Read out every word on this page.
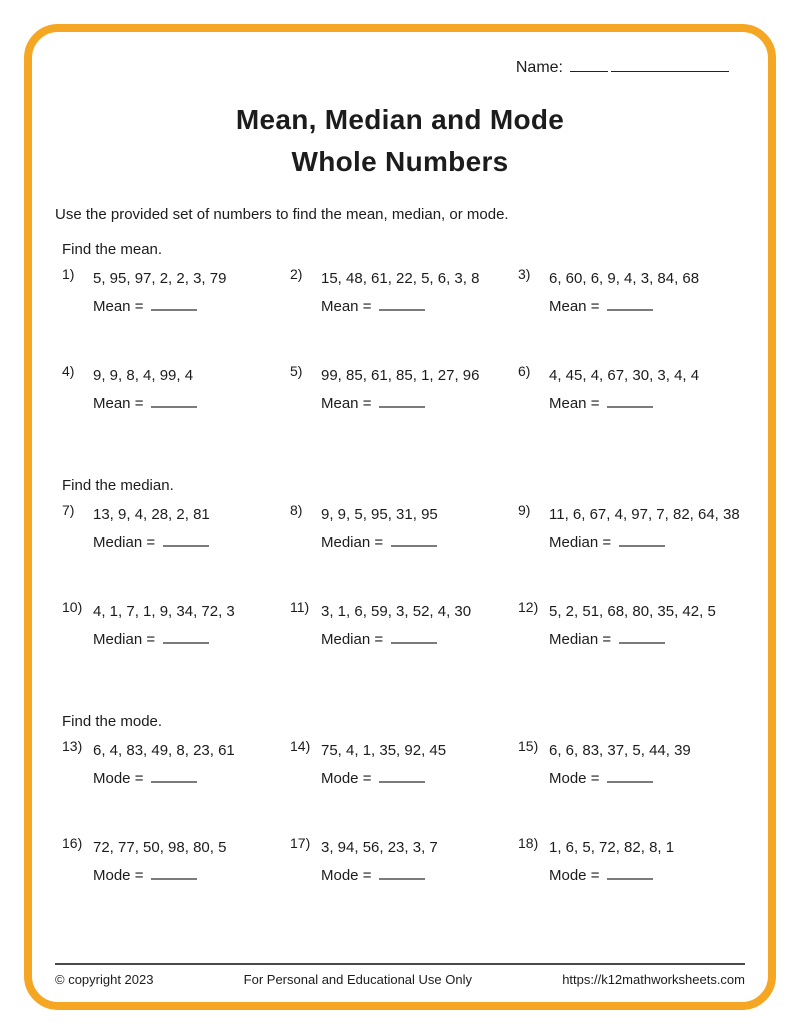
Name:
Mean, Median and Mode
Whole Numbers

Use the provided set of numbers to find the mean, median, or mode.

Find the mean.
1)	5, 95, 97, 2, 2, 3, 79
Mean =
2)	15, 48, 61, 22, 5, 6, 3, 8
Mean =
3)	6, 60, 6, 9, 4, 3, 84, 68
Mean =
4)	9, 9, 8, 4, 99, 4
Mean =
5)	99, 85, 61, 85, 1, 27, 96
Mean =
6)	4, 45, 4, 67, 30, 3, 4, 4
Mean =
Find the median.
7)	13, 9, 4, 28, 2, 81
Median =
8)	9, 9, 5, 95, 31, 95
Median =
9)	11, 6, 67, 4, 97, 7, 82, 64, 38
Median =
10) 4, 1, 7, 1, 9, 34, 72, 3
Median =
11) 3, 1, 6, 59, 3, 52, 4, 30
Median =
12) 5, 2, 51, 68, 80, 35, 42, 5
Median =
Find the mode.
13) 6, 4, 83, 49, 8, 23, 61
Mode =
14) 75, 4, 1, 35, 92, 45
Mode =
15) 6, 6, 83, 37, 5, 44, 39
Mode =
16) 72, 77, 50, 98, 80, 5
Mode =
17) 3, 94, 56, 23, 3, 7
Mode =
18) 1, 6, 5, 72, 82, 8, 1
Mode =
© copyright 2023	For Personal and Educational Use Only	https://k12mathworksheets.com
